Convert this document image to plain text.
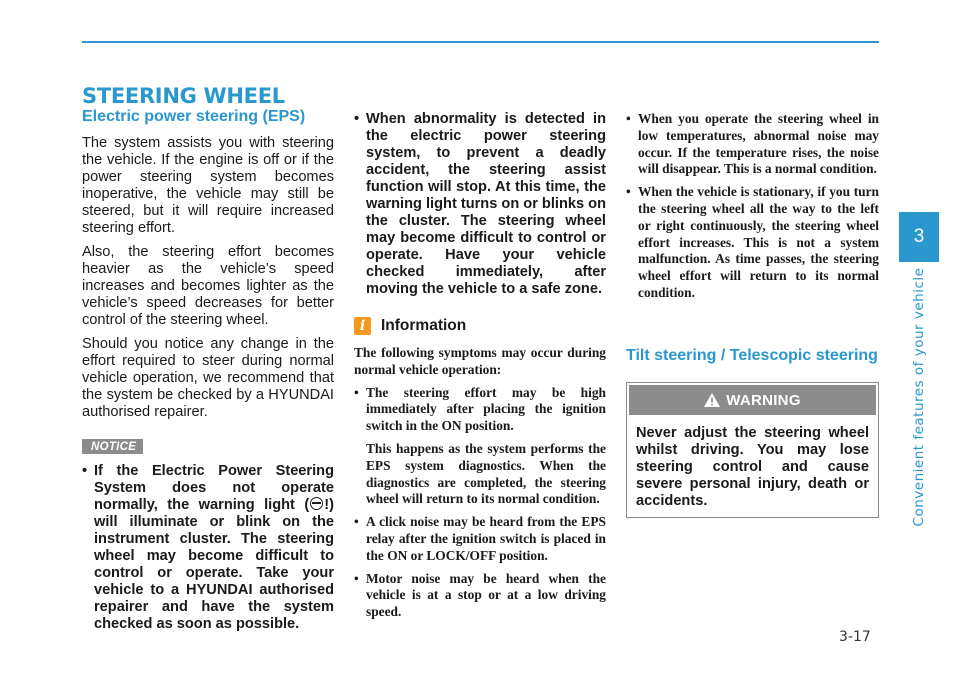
STEERING WHEEL
Electric power steering (EPS)

The system assists you with steering the vehicle. If the engine is off or if the power steering system becomes inoperative, the vehicle may still be steered, but it will require increased steering effort.

Also, the steering effort becomes heavier as the vehicle’s speed increases and becomes lighter as the vehicle’s speed decreases for better control of the steering wheel.

Should you notice any change in the effort required to steer during normal vehicle operation, we recommend that the system be checked by a HYUNDAI authorised repairer.

NOTICE
• If the Electric Power Steering System does not operate normally, the warning light ( !) will illuminate or blink on the instrument cluster. The steering wheel may become difficult to control or operate. Take your vehicle to a HYUNDAI authorised repairer and have the system checked as soon as possible.
• When abnormality is detected in the electric power steering system, to prevent a deadly accident, the steering assist function will stop. At this time, the warning light turns on or blinks on the cluster. The steering wheel may become difficult to control or operate. Have your vehicle checked immediately, after moving the vehicle to a safe zone.
i	Information

The following symptoms may occur during normal vehicle operation:

• The steering effort may be high immediately after placing the ignition switch in the ON position.
This happens as the system performs the EPS system diagnostics. When the diagnostics are completed, the steering wheel will return to its normal condition.
• A click noise may be heard from the EPS relay after the ignition switch is placed in the ON or LOCK/OFF position.
• Motor noise may be heard when the vehicle is at a stop or at a low driving speed.
• When you operate the steering wheel in low temperatures, abnormal noise may occur. If the temperature rises, the noise will disappear. This is a normal condition.
• When the vehicle is stationary, if you turn the steering wheel all the way to the left or right continuously, the steering wheel effort increases. This is not a system malfunction. As time passes, the steering wheel effort will return to its normal condition.
Tilt steering / Telescopic steering
WARNING
Never adjust the steering wheel whilst driving. You may lose steering control and cause severe personal injury, death or accidents.
3
Convenient features of your vehicle
3-17
